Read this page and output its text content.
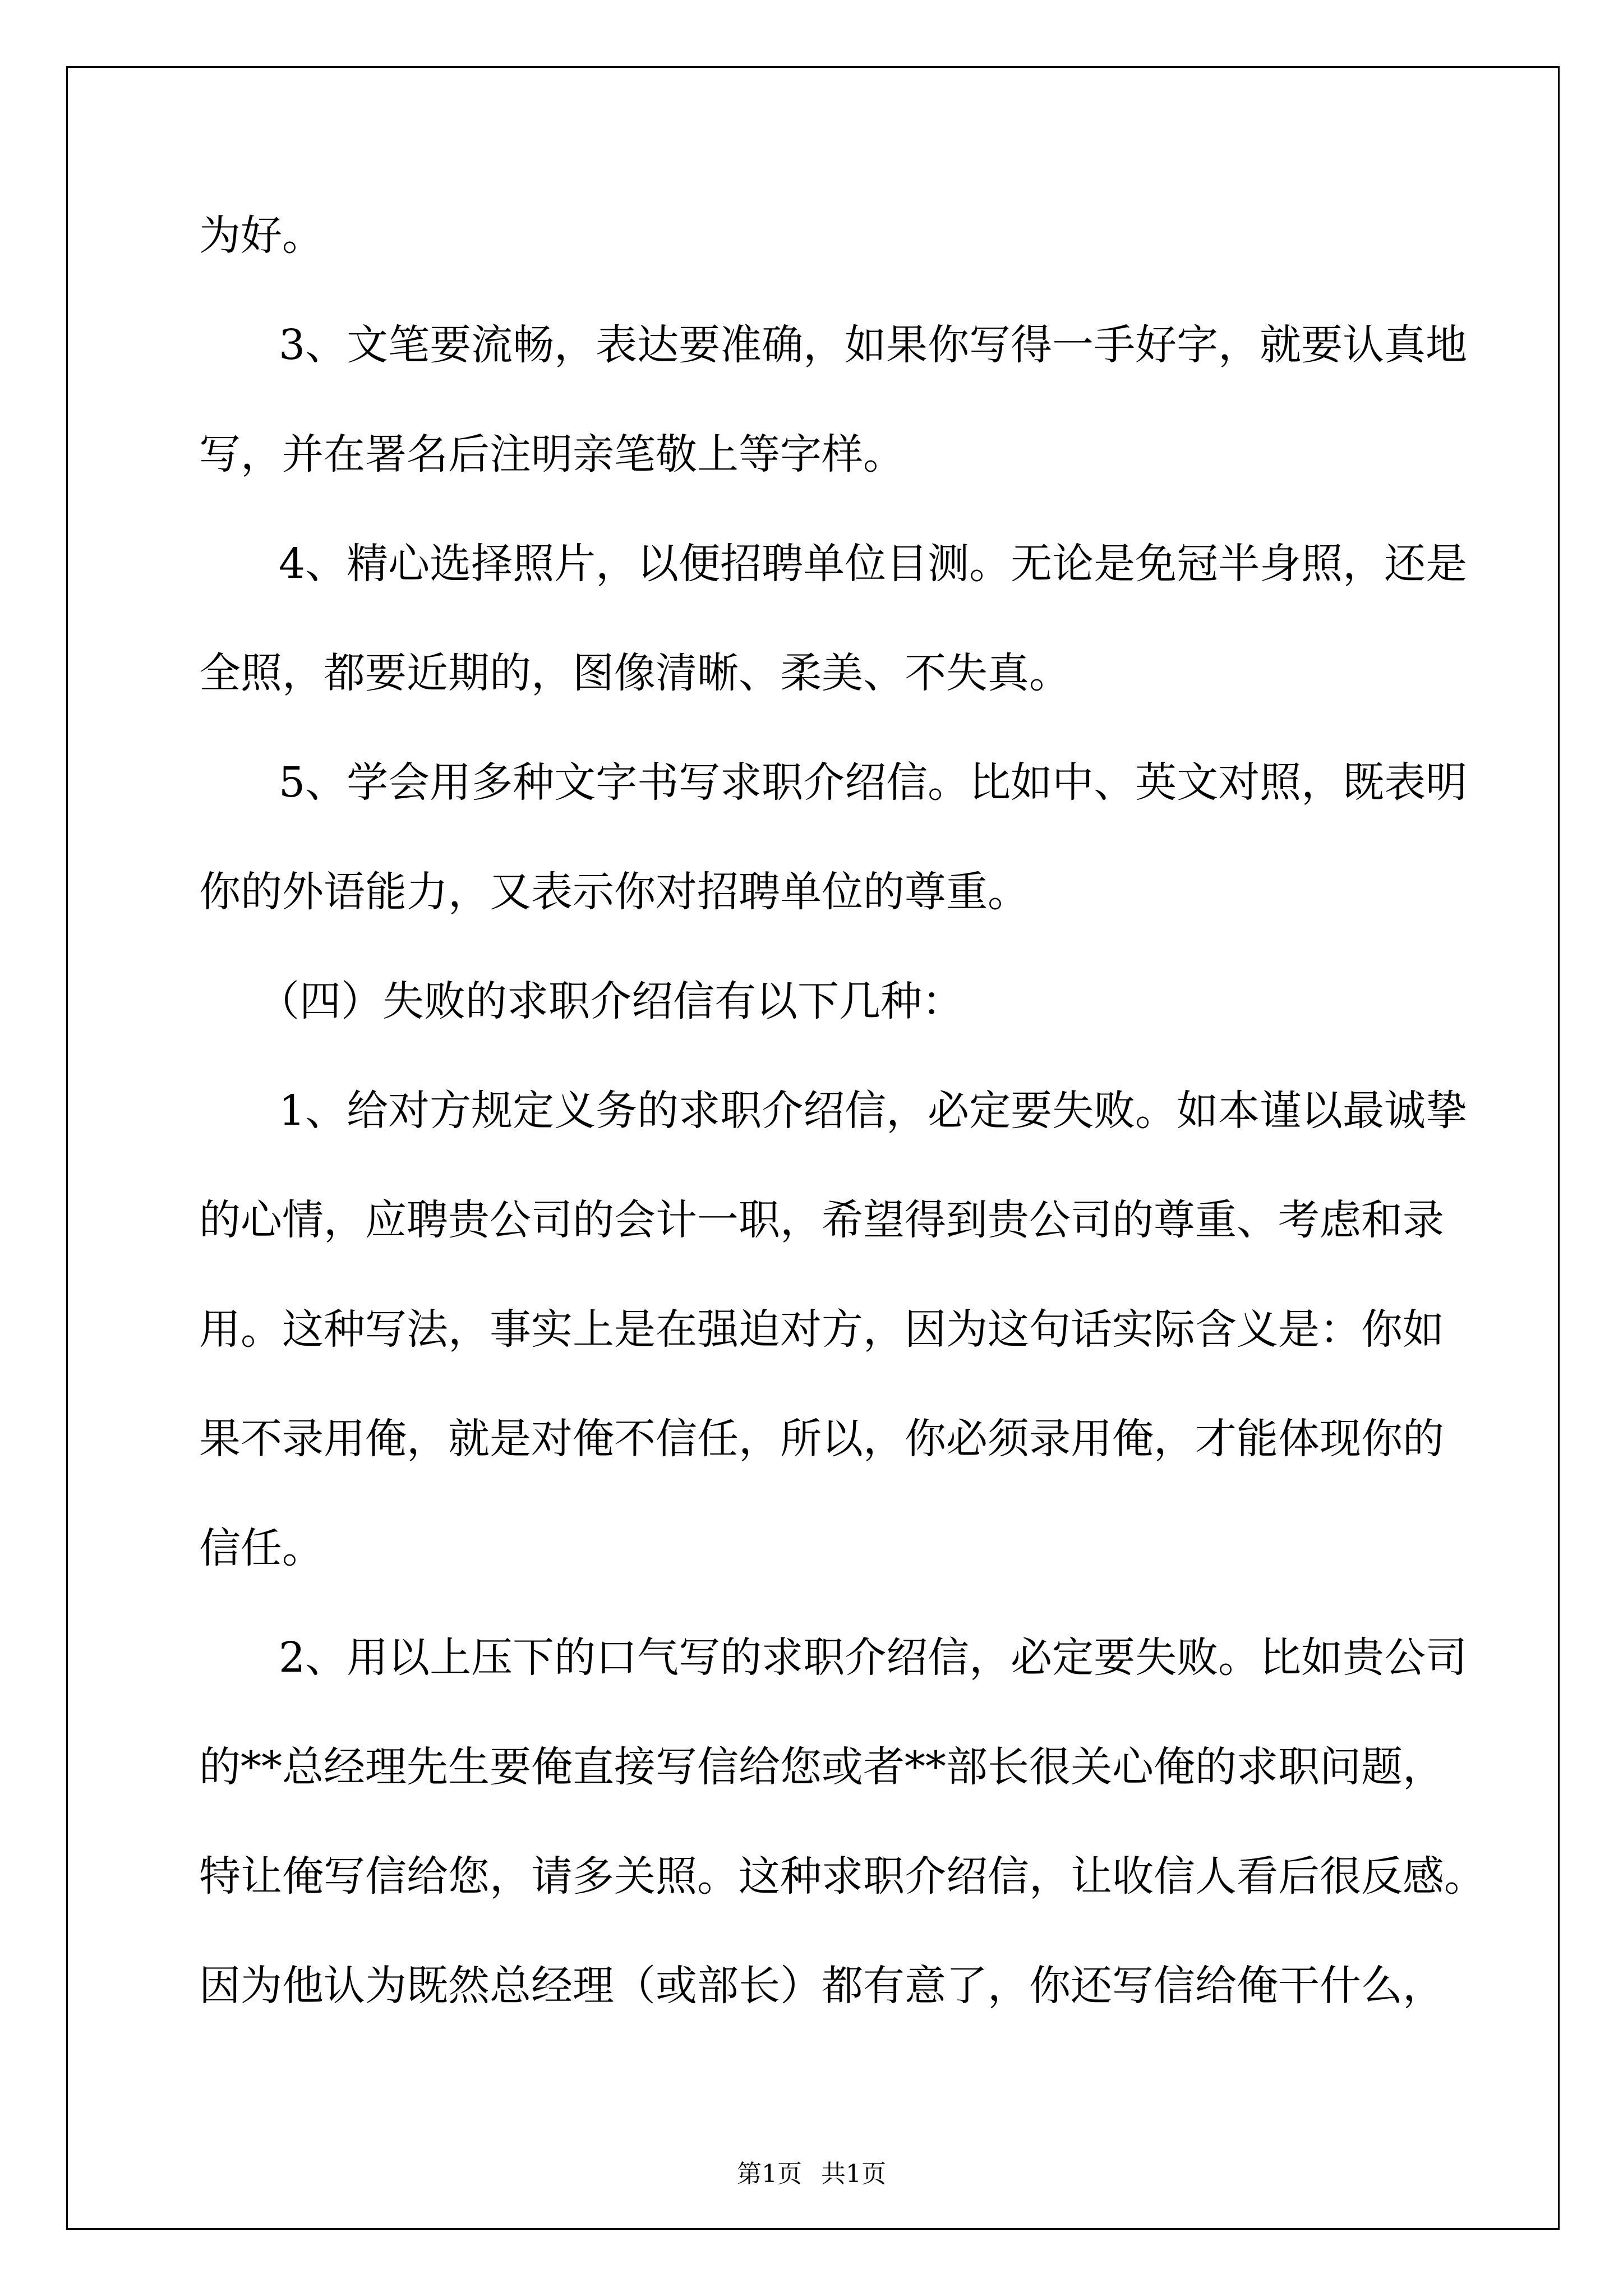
为好。

3、文笔要流畅，表达要准确，如果你写得一手好字，就要认真地

写，并在署名后注明亲笔敬上等字样。

4、精心选择照片，以便招聘单位目测。无论是免冠半身照，还是

全照，都要近期的，图像清晰、柔美、不失真。

5、学会用多种文字书写求职介绍信。比如中、英文对照，既表明

你的外语能力，又表示你对招聘单位的尊重。

（四）失败的求职介绍信有以下几种：

1、给对方规定义务的求职介绍信，必定要失败。如本谨以最诚挚

的心情，应聘贵公司的会计一职，希望得到贵公司的尊重、考虑和录

用。这种写法，事实上是在强迫对方，因为这句话实际含义是：你如

果不录用俺，就是对俺不信任，所以，你必须录用俺，才能体现你的

信任。

2、用以上压下的口气写的求职介绍信，必定要失败。比如贵公司

的**总经理先生要俺直接写信给您或者**部长很关心俺的求职问题，

特让俺写信给您，请多关照。这种求职介绍信，让收信人看后很反感。

因为他认为既然总经理（或部长）都有意了，你还写信给俺干什么，

第1页 共1页
